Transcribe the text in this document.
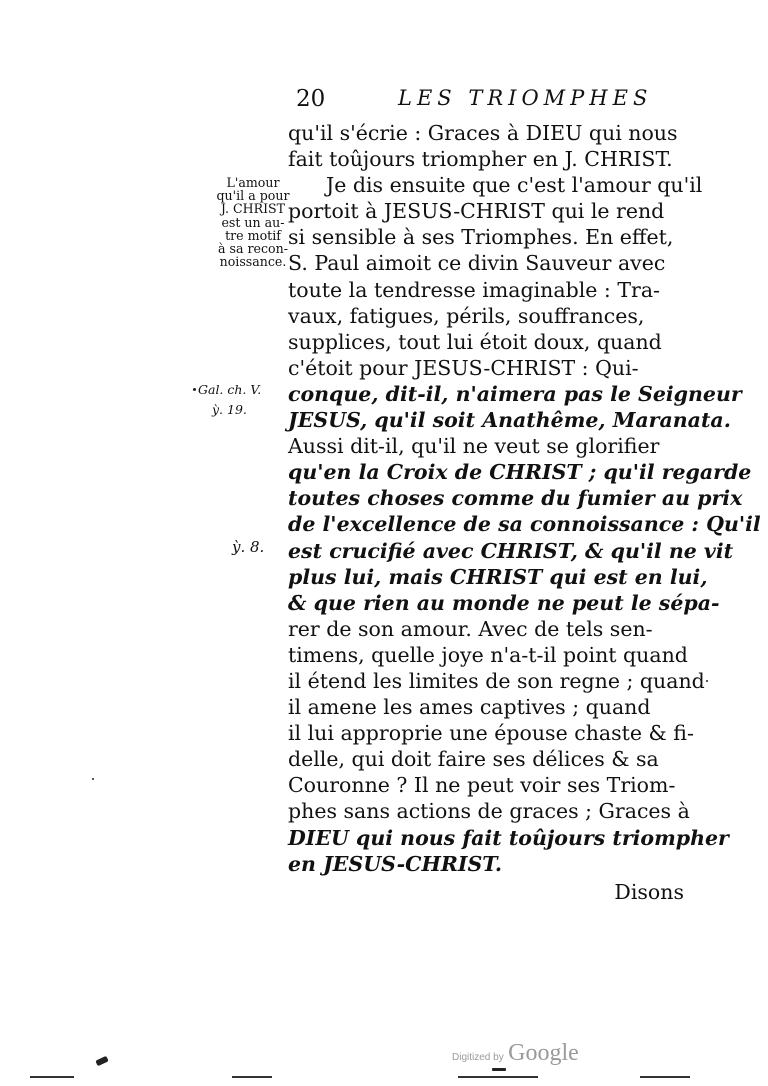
20	LES TRIOMPHES
L'amour
qu'il a pour
J. CHRIST
est un au-
tre motif
à sa recon-
noissance.
Gal. ch. V.
ỳ. 19.
ỳ. 8.
qu'il s'écrie : Graces à DIEU qui nous
fait toûjours triompher en J. CHRIST.
Je dis ensuite que c'est l'amour qu'il
portoit à JESUS-CHRIST qui le rend
si sensible à ses Triomphes. En effet,
S. Paul aimoit ce divin Sauveur avec
toute la tendresse imaginable : Tra-
vaux, fatigues, périls, souffrances,
supplices, tout lui étoit doux, quand
c'étoit pour JESUS-CHRIST : Qui-
conque, dit-il, n'aimera pas le Seigneur
JESUS, qu'il soit Anathême, Maranata.
Aussi dit-il, qu'il ne veut se glorifier
qu'en la Croix de CHRIST ; qu'il regarde
toutes choses comme du fumier au prix
de l'excellence de sa connoissance : Qu'il
est crucifié avec CHRIST, & qu'il ne vit
plus lui, mais CHRIST qui est en lui,
& que rien au monde ne peut le sépa-
rer de son amour. Avec de tels sen-
timens, quelle joye n'a-t-il point quand
il étend les limites de son regne ; quand
il amene les ames captives ; quand
il lui approprie une épouse chaste & fi-
delle, qui doit faire ses délices & sa
Couronne ? Il ne peut voir ses Triom-
phes sans actions de graces ; Graces à
DIEU qui nous fait toûjours triompher
en JESUS-CHRIST.
Disons
Digitized by Google
